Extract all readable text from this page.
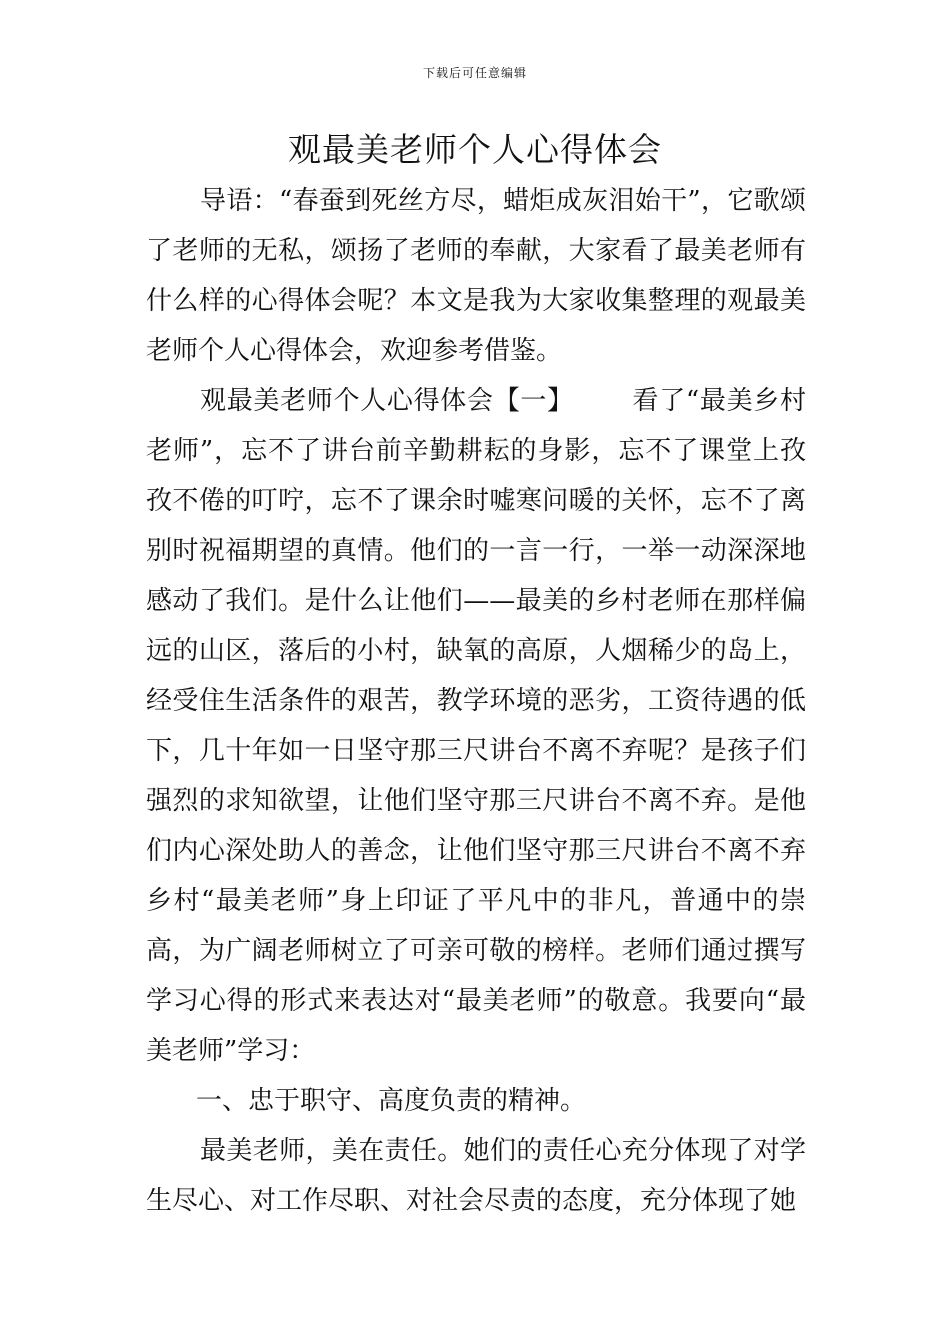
下载后可任意编辑
观最美老师个人心得体会

导语：“春蚕到死丝方尽，蜡炬成灰泪始干”，它歌颂了老师的无私，颂扬了老师的奉献，大家看了最美老师有什么样的心得体会呢？本文是我为大家收集整理的观最美老师个人心得体会，欢迎参考借鉴。

观最美老师个人心得体会【一】 看了“最美乡村老师”，忘不了讲台前辛勤耕耘的身影，忘不了课堂上孜孜不倦的叮咛，忘不了课余时嘘寒问暖的关怀，忘不了离别时祝福期望的真情。他们的一言一行，一举一动深深地感动了我们。是什么让他们——最美的乡村老师在那样偏远的山区，落后的小村，缺氧的高原，人烟稀少的岛上，经受住生活条件的艰苦，教学环境的恶劣，工资待遇的低下，几十年如一日坚守那三尺讲台不离不弃呢？是孩子们强烈的求知欲望，让他们坚守那三尺讲台不离不弃。是他们内心深处助人的善念，让他们坚守那三尺讲台不离不弃乡村“最美老师”身上印证了平凡中的非凡，普通中的崇高，为广阔老师树立了可亲可敬的榜样。老师们通过撰写学习心得的形式来表达对“最美老师”的敬意。我要向“最美老师”学习：

一、忠于职守、高度负责的精神。

最美老师，美在责任。她们的责任心充分体现了对学生尽心、对工作尽职、对社会尽责的态度，充分体现了她
